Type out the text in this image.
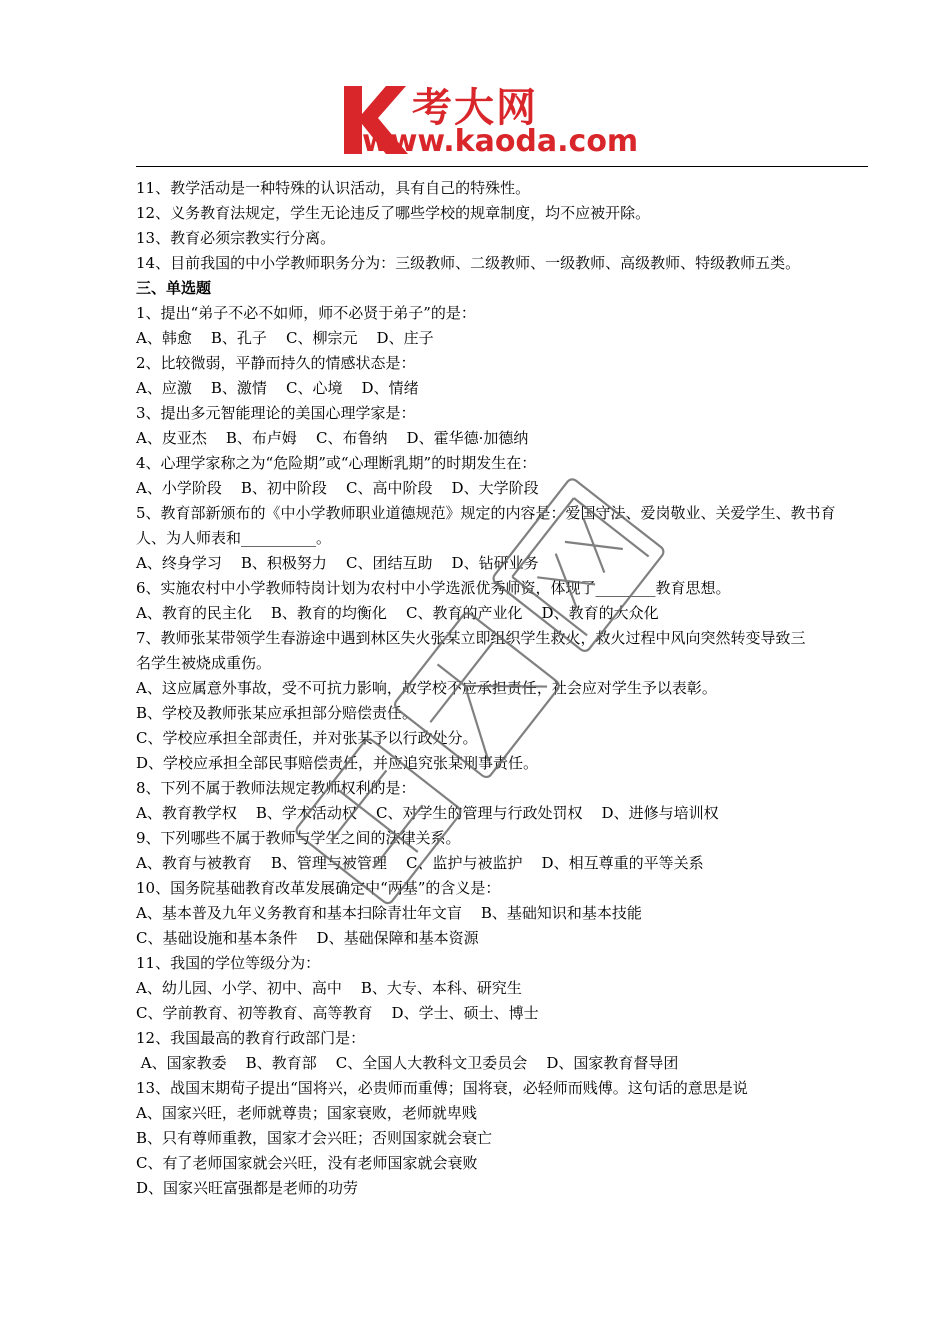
考大网
www.kaoda.com
11、教学活动是一种特殊的认识活动，具有自己的特殊性。
12、义务教育法规定，学生无论违反了哪些学校的规章制度，均不应被开除。
13、教育必须宗教实行分离。
14、目前我国的中小学教师职务分为：三级教师、二级教师、一级教师、高级教师、特级教师五类。
三、单选题
1、提出“弟子不必不如师，师不必贤于弟子”的是：
A、韩愈    B、孔子    C、柳宗元    D、庄子
2、比较微弱，平静而持久的情感状态是：
A、应激    B、激情    C、心境    D、情绪
3、提出多元智能理论的美国心理学家是：
A、皮亚杰    B、布卢姆    C、布鲁纳    D、霍华德·加德纳
4、心理学家称之为“危险期”或“心理断乳期”的时期发生在：
A、小学阶段    B、初中阶段    C、高中阶段    D、大学阶段
5、教育部新颁布的《中小学教师职业道德规范》规定的内容是：爱国守法、爱岗敬业、关爱学生、教书育
人、为人师表和__________。
A、终身学习    B、积极努力    C、团结互助    D、钻研业务
6、实施农村中小学教师特岗计划为农村中小学选派优秀师资，体现了________教育思想。
A、教育的民主化    B、教育的均衡化    C、教育的产业化    D、教育的大众化
7、教师张某带领学生春游途中遇到林区失火张某立即组织学生救火，救火过程中风向突然转变导致三
名学生被烧成重伤。
A、这应属意外事故，受不可抗力影响，故学校不应承担责任，社会应对学生予以表彰。
B、学校及教师张某应承担部分赔偿责任。
C、学校应承担全部责任，并对张某予以行政处分。
D、学校应承担全部民事赔偿责任，并应追究张某刑事责任。
8、下列不属于教师法规定教师权利的是：
A、教育教学权    B、学术活动权    C、对学生的管理与行政处罚权    D、进修与培训权
9、下列哪些不属于教师与学生之间的法律关系。
A、教育与被教育    B、管理与被管理    C、监护与被监护    D、相互尊重的平等关系
10、国务院基础教育改革发展确定中“两基”的含义是：
A、基本普及九年义务教育和基本扫除青壮年文盲    B、基础知识和基本技能
C、基础设施和基本条件    D、基础保障和基本资源
11、我国的学位等级分为：
A、幼儿园、小学、初中、高中    B、大专、本科、研究生
C、学前教育、初等教育、高等教育    D、学士、硕士、博士
12、我国最高的教育行政部门是：
A、国家教委    B、教育部    C、全国人大教科文卫委员会    D、国家教育督导团
13、战国末期荀子提出“国将兴，必贵师而重傅；国将衰，必轻师而贱傅。这句话的意思是说
A、国家兴旺，老师就尊贵；国家衰败，老师就卑贱
B、只有尊师重教，国家才会兴旺；否则国家就会衰亡
C、有了老师国家就会兴旺，没有老师国家就会衰败
D、国家兴旺富强都是老师的功劳
